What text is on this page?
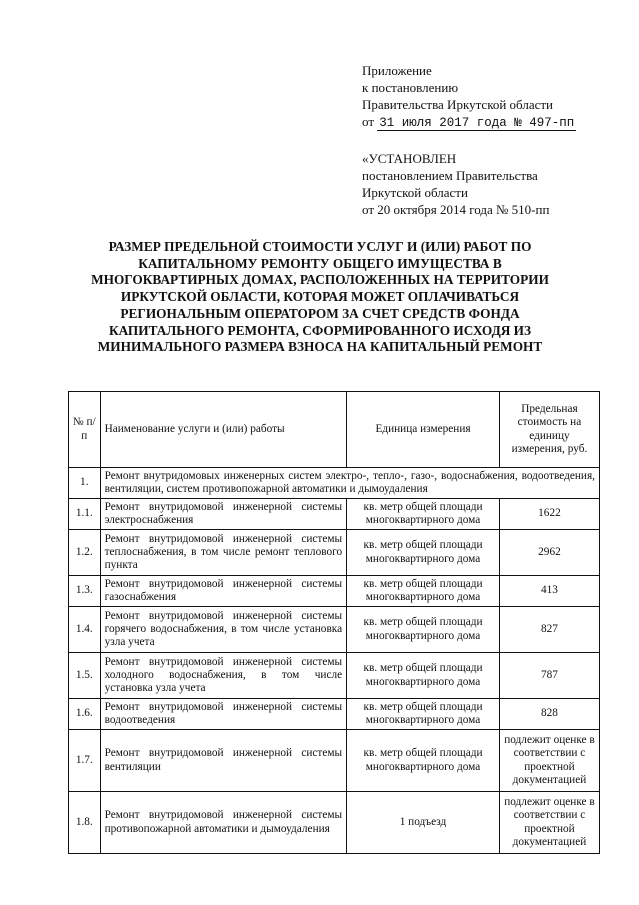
Приложение
к постановлению
Правительства Иркутской области
от 31 июля 2017 года № 497-пп
«УСТАНОВЛЕН
постановлением Правительства
Иркутской области
от 20 октября 2014 года № 510-пп
РАЗМЕР ПРЕДЕЛЬНОЙ СТОИМОСТИ УСЛУГ И (ИЛИ) РАБОТ ПО КАПИТАЛЬНОМУ РЕМОНТУ ОБЩЕГО ИМУЩЕСТВА В МНОГОКВАРТИРНЫХ ДОМАХ, РАСПОЛОЖЕННЫХ НА ТЕРРИТОРИИ ИРКУТСКОЙ ОБЛАСТИ, КОТОРАЯ МОЖЕТ ОПЛАЧИВАТЬСЯ РЕГИОНАЛЬНЫМ ОПЕРАТОРОМ ЗА СЧЕТ СРЕДСТВ ФОНДА КАПИТАЛЬНОГО РЕМОНТА, СФОРМИРОВАННОГО ИСХОДЯ ИЗ МИНИМАЛЬНОГО РАЗМЕРА ВЗНОСА НА КАПИТАЛЬНЫЙ РЕМОНТ
№ п/п	Наименование услуги и (или) работы	Единица измерения	Предельная стоимость на единицу измерения, руб.
1.	Ремонт внутридомовых инженерных систем электро-, тепло-, газо-, водоснабжения, водоотведения, вентиляции, систем противопожарной автоматики и дымоудаления		
1.1.	Ремонт внутридомовой инженерной системы электроснабжения	кв. метр общей площади многоквартирного дома	1622
1.2.	Ремонт внутридомовой инженерной системы теплоснабжения, в том числе ремонт теплового пункта	кв. метр общей площади многоквартирного дома	2962
1.3.	Ремонт внутридомовой инженерной системы газоснабжения	кв. метр общей площади многоквартирного дома	413
1.4.	Ремонт внутридомовой инженерной системы горячего водоснабжения, в том числе установка узла учета	кв. метр общей площади многоквартирного дома	827
1.5.	Ремонт внутридомовой инженерной системы холодного водоснабжения, в том числе установка узла учета	кв. метр общей площади многоквартирного дома	787
1.6.	Ремонт внутридомовой инженерной системы водоотведения	кв. метр общей площади многоквартирного дома	828
1.7.	Ремонт внутридомовой инженерной системы вентиляции	кв. метр общей площади многоквартирного дома	подлежит оценке в соответствии с проектной документацией
1.8.	Ремонт внутридомовой инженерной системы противопожарной автоматики и дымоудаления	1 подъезд	подлежит оценке в соответствии с проектной документацией
